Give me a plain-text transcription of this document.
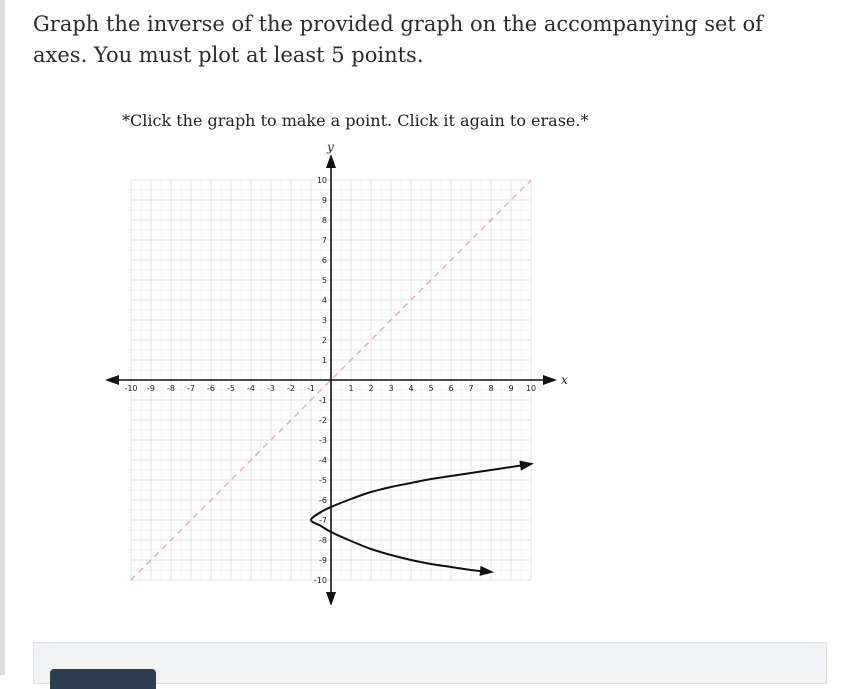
Graph the inverse of the provided graph on the accompanying set of axes. You must plot at least 5 points.
*Click the graph to make a point. Click it again to erase.*
x
y
-10 -9 -8 -7 -6 -5 -4 -3 -2 -1	1 2 3 4 5 6 7 8 9 10
-10
-9
-8
-7
-6
-5
-4
-3
-2
-1
1
2
3
4
5
6
7
8
9
10
